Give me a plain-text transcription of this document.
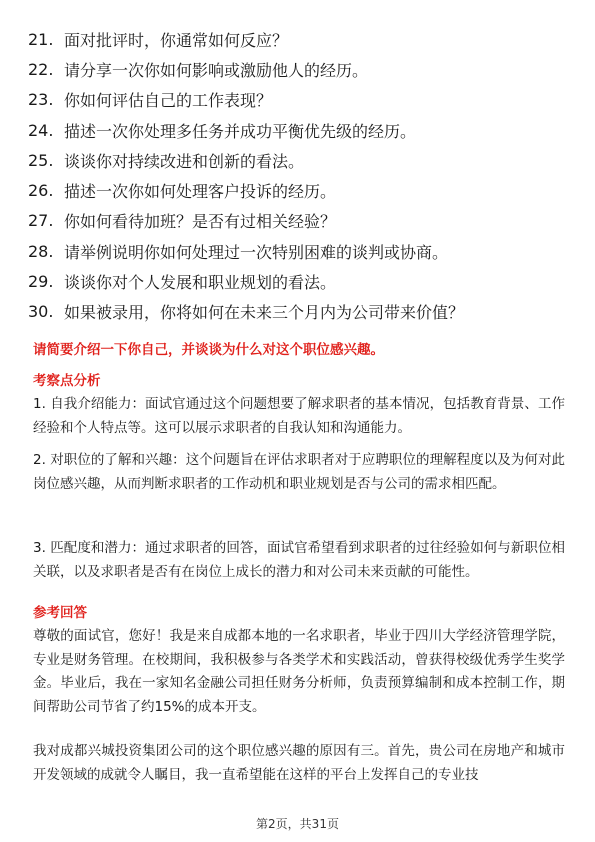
21. 面对批评时，你通常如何反应？
22. 请分享一次你如何影响或激励他人的经历。
23. 你如何评估自己的工作表现？
24. 描述一次你处理多任务并成功平衡优先级的经历。
25. 谈谈你对持续改进和创新的看法。
26. 描述一次你如何处理客户投诉的经历。
27. 你如何看待加班？是否有过相关经验？
28. 请举例说明你如何处理过一次特别困难的谈判或协商。
29. 谈谈你对个人发展和职业规划的看法。
30. 如果被录用，你将如何在未来三个月内为公司带来价值？
请简要介绍一下你自己，并谈谈为什么对这个职位感兴趣。
考察点分析
1. 自我介绍能力：面试官通过这个问题想要了解求职者的基本情况，包括教育背景、工作经验和个人特点等。这可以展示求职者的自我认知和沟通能力。
2. 对职位的了解和兴趣：这个问题旨在评估求职者对于应聘职位的理解程度以及为何对此岗位感兴趣，从而判断求职者的工作动机和职业规划是否与公司的需求相匹配。
3. 匹配度和潜力：通过求职者的回答，面试官希望看到求职者的过往经验如何与新职位相关联，以及求职者是否有在岗位上成长的潜力和对公司未来贡献的可能性。
参考回答
尊敬的面试官，您好！我是来自成都本地的一名求职者，毕业于四川大学经济管理学院，专业是财务管理。在校期间，我积极参与各类学术和实践活动，曾获得校级优秀学生奖学金。毕业后，我在一家知名金融公司担任财务分析师，负责预算编制和成本控制工作，期间帮助公司节省了约15%的成本开支。
我对成都兴城投资集团公司的这个职位感兴趣的原因有三。首先，贵公司在房地产和城市开发领域的成就令人瞩目，我一直希望能在这样的平台上发挥自己的专业技
第2页，共31页
